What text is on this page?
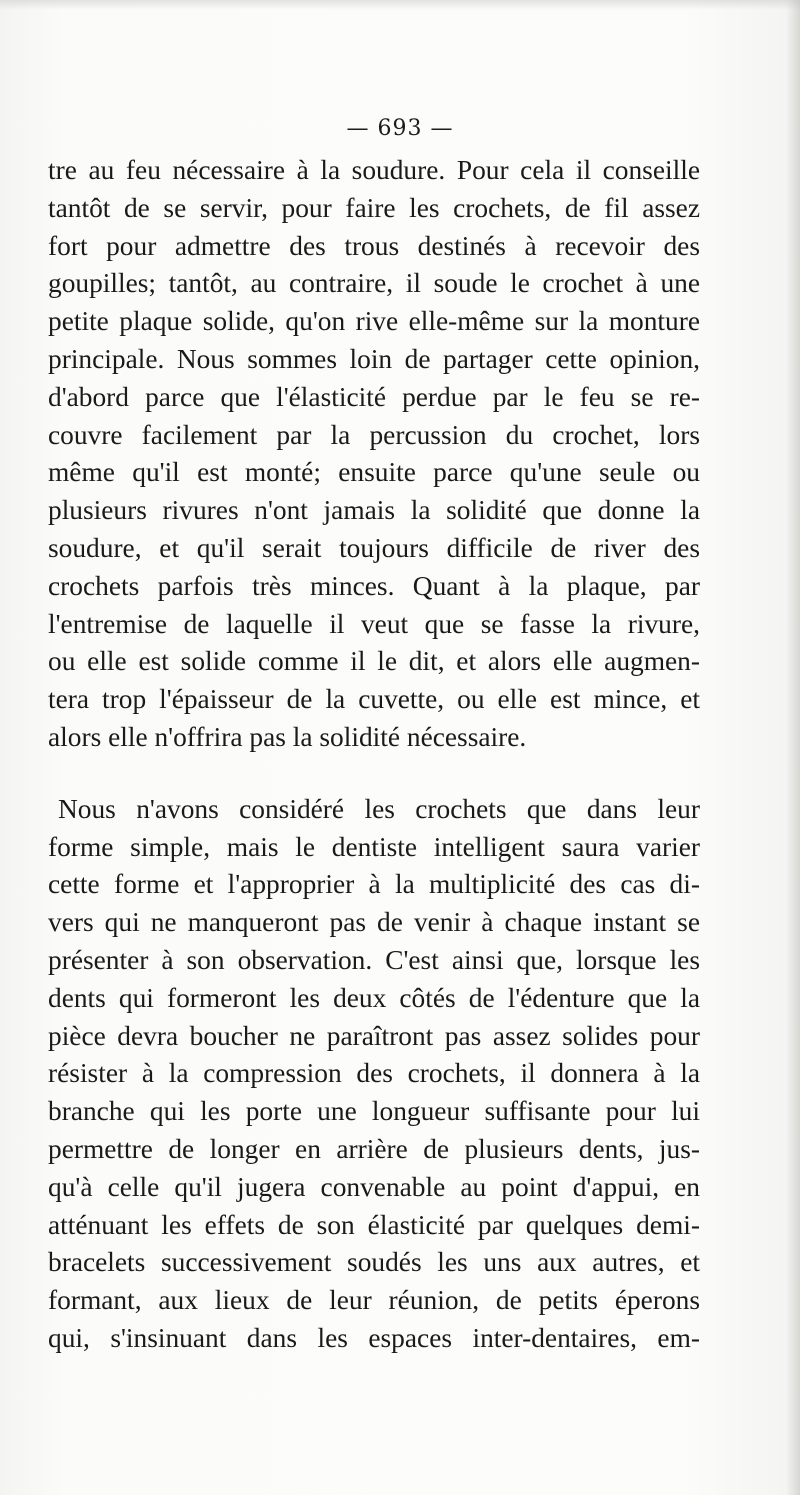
— 693 —
tre au feu nécessaire à la soudure. Pour cela il conseille
tantôt de se servir, pour faire les crochets, de fil assez
fort pour admettre des trous destinés à recevoir des
goupilles; tantôt, au contraire, il soude le crochet à une
petite plaque solide, qu'on rive elle-même sur la monture
principale. Nous sommes loin de partager cette opinion,
d'abord parce que l'élasticité perdue par le feu se re-
couvre facilement par la percussion du crochet, lors
même qu'il est monté; ensuite parce qu'une seule ou
plusieurs rivures n'ont jamais la solidité que donne la
soudure, et qu'il serait toujours difficile de river des
crochets parfois très minces. Quant à la plaque, par
l'entremise de laquelle il veut que se fasse la rivure,
ou elle est solide comme il le dit, et alors elle augmen-
tera trop l'épaisseur de la cuvette, ou elle est mince, et
alors elle n'offrira pas la solidité nécessaire.
Nous n'avons considéré les crochets que dans leur
forme simple, mais le dentiste intelligent saura varier
cette forme et l'approprier à la multiplicité des cas di-
vers qui ne manqueront pas de venir à chaque instant se
présenter à son observation. C'est ainsi que, lorsque les
dents qui formeront les deux côtés de l'édenture que la
pièce devra boucher ne paraîtront pas assez solides pour
résister à la compression des crochets, il donnera à la
branche qui les porte une longueur suffisante pour lui
permettre de longer en arrière de plusieurs dents, jus-
qu'à celle qu'il jugera convenable au point d'appui, en
atténuant les effets de son élasticité par quelques demi-
bracelets successivement soudés les uns aux autres, et
formant, aux lieux de leur réunion, de petits éperons
qui, s'insinuant dans les espaces inter-dentaires, em-
